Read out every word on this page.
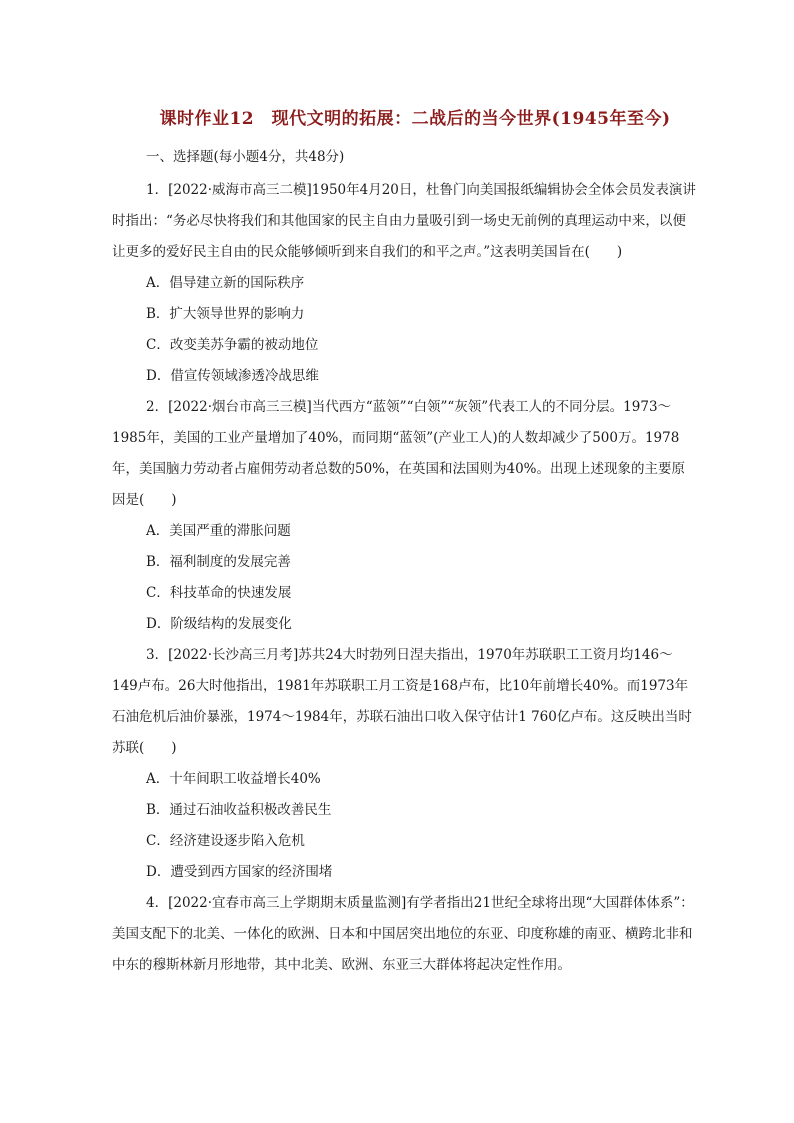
课时作业12　现代文明的拓展：二战后的当今世界(1945年至今)
一、选择题(每小题4分，共48分)

1．[2022·威海市高三二模]1950年4月20日，杜鲁门向美国报纸编辑协会全体会员发表演讲时指出：“务必尽快将我们和其他国家的民主自由力量吸引到一场史无前例的真理运动中来，以便让更多的爱好民主自由的民众能够倾听到来自我们的和平之声。”这表明美国旨在(　　)

A．倡导建立新的国际秩序
B．扩大领导世界的影响力
C．改变美苏争霸的被动地位
D．借宣传领域渗透冷战思维

2．[2022·烟台市高三三模]当代西方“蓝领”“白领”“灰领”代表工人的不同分层。1973～1985年，美国的工业产量增加了40%，而同期“蓝领”(产业工人)的人数却减少了500万。1978年，美国脑力劳动者占雇佣劳动者总数的50%，在英国和法国则为40%。出现上述现象的主要原因是(　　)

A．美国严重的滞胀问题
B．福利制度的发展完善
C．科技革命的快速发展
D．阶级结构的发展变化

3．[2022·长沙高三月考]苏共24大时勃列日涅夫指出，1970年苏联职工工资月均146～149卢布。26大时他指出，1981年苏联职工月工资是168卢布，比10年前增长40%。而1973年石油危机后油价暴涨，1974～1984年，苏联石油出口收入保守估计1 760亿卢布。这反映出当时苏联(　　)

A．十年间职工收益增长40%
B．通过石油收益积极改善民生
C．经济建设逐步陷入危机
D．遭受到西方国家的经济围堵

4．[2022·宜春市高三上学期期末质量监测]有学者指出21世纪全球将出现“大国群体体系”：美国支配下的北美、一体化的欧洲、日本和中国居突出地位的东亚、印度称雄的南亚、横跨北非和中东的穆斯林新月形地带，其中北美、欧洲、东亚三大群体将起决定性作用。
